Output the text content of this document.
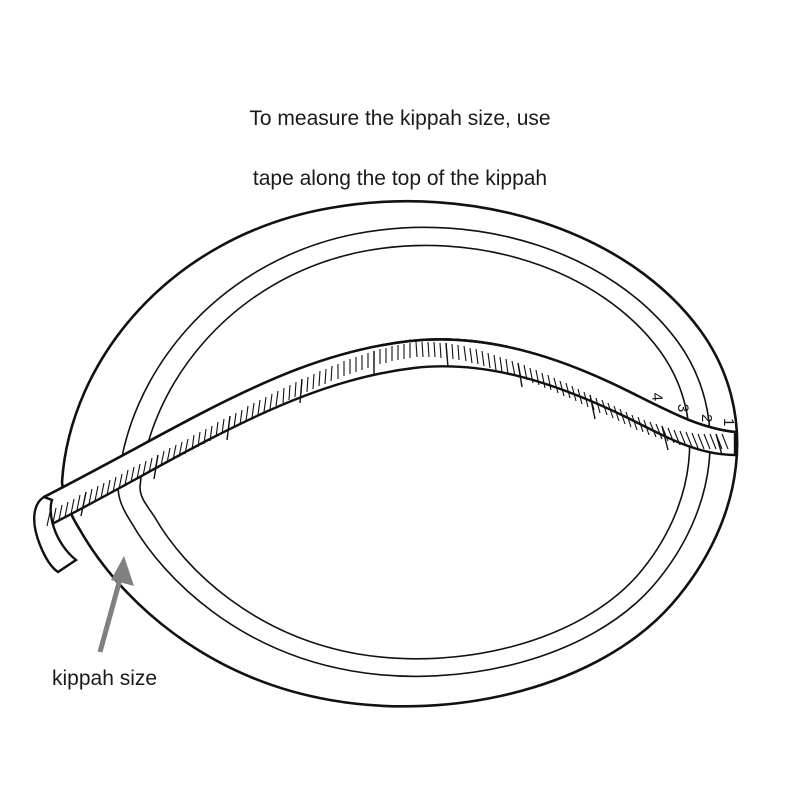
To measure the kippah size, use

tape along the top of the kippah

4
3
2 1
kippah size
